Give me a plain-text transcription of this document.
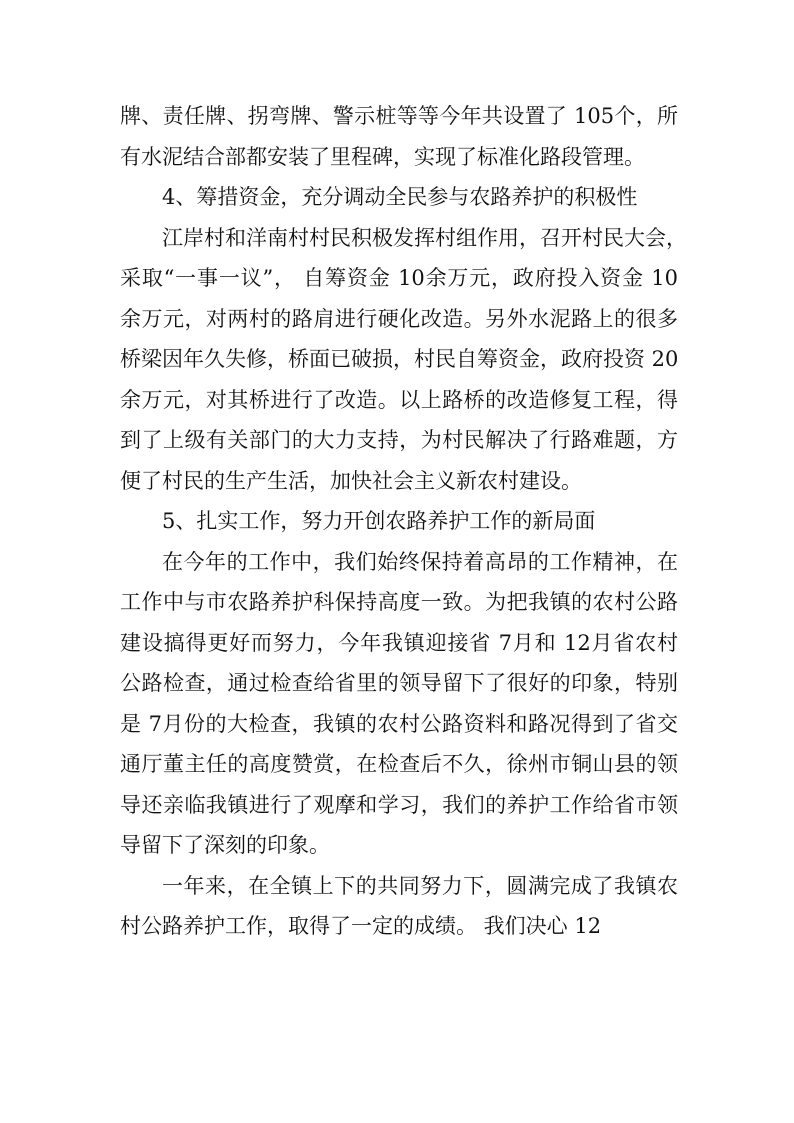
牌、责任牌、拐弯牌、警示桩等等今年共设置了 105个，所
有水泥结合部都安装了里程碑，实现了标准化路段管理。
4、筹措资金，充分调动全民参与农路养护的积极性
江岸村和洋南村村民积极发挥村组作用，召开村民大会，
采取“一事一议”， 自筹资金 10余万元，政府投入资金 10
余万元，对两村的路肩进行硬化改造。另外水泥路上的很多
桥梁因年久失修，桥面已破损，村民自筹资金，政府投资 20
余万元，对其桥进行了改造。以上路桥的改造修复工程，得
到了上级有关部门的大力支持，为村民解决了行路难题，方
便了村民的生产生活，加快社会主义新农村建设。
5、扎实工作，努力开创农路养护工作的新局面
在今年的工作中，我们始终保持着高昂的工作精神，在
工作中与市农路养护科保持高度一致。为把我镇的农村公路
建设搞得更好而努力，今年我镇迎接省 7月和 12月省农村
公路检查，通过检查给省里的领导留下了很好的印象，特别
是 7月份的大检查，我镇的农村公路资料和路况得到了省交
通厅董主任的高度赞赏，在检查后不久，徐州市铜山县的领
导还亲临我镇进行了观摩和学习，我们的养护工作给省市领
导留下了深刻的印象。
一年来，在全镇上下的共同努力下，圆满完成了我镇农
村公路养护工作，取得了一定的成绩。 我们决心 12
